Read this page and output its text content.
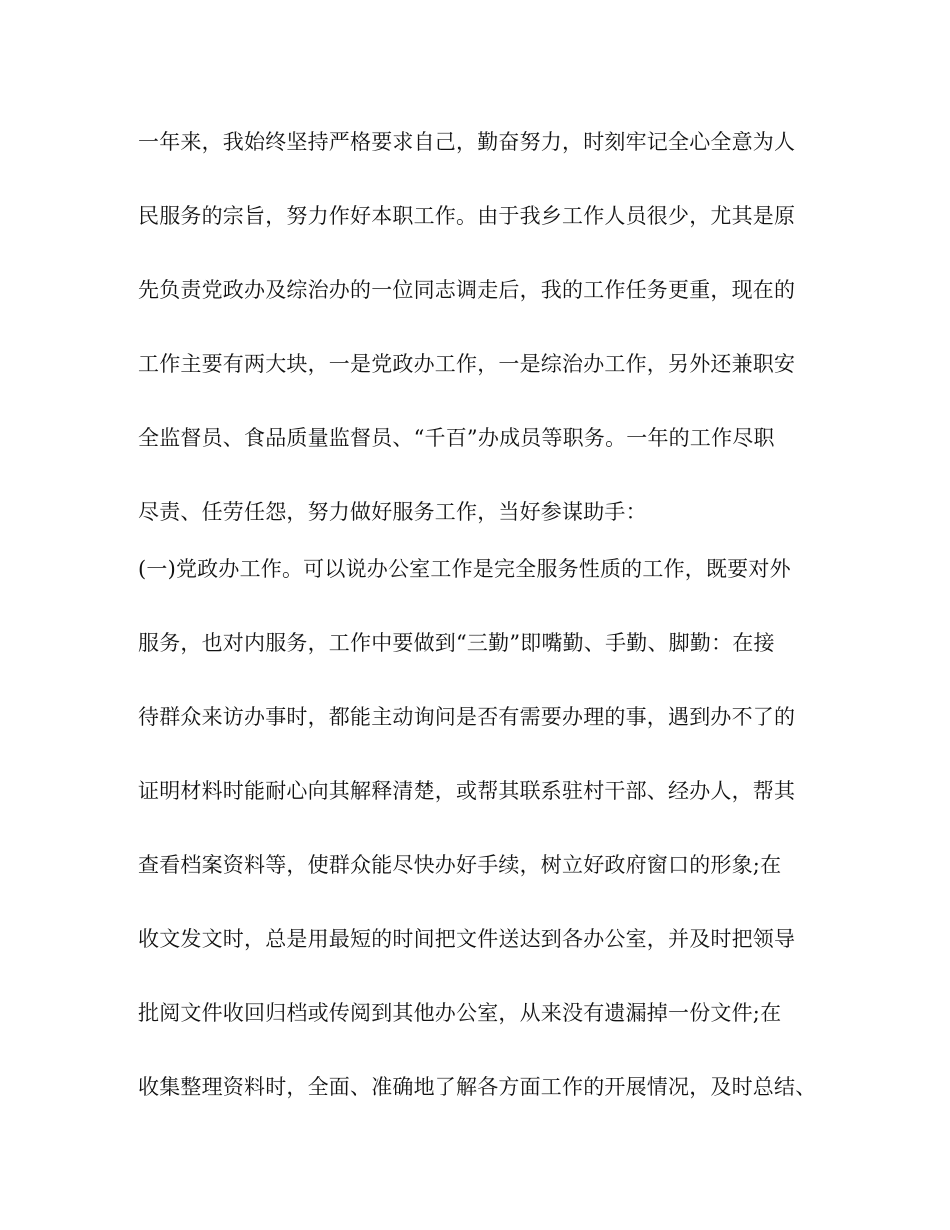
一年来，我始终坚持严格要求自己，勤奋努力，时刻牢记全心全意为人
民服务的宗旨，努力作好本职工作。由于我乡工作人员很少，尤其是原
先负责党政办及综治办的一位同志调走后，我的工作任务更重，现在的
工作主要有两大块，一是党政办工作，一是综治办工作，另外还兼职安
全监督员、食品质量监督员、“千百”办成员等职务。一年的工作尽职
尽责、任劳任怨，努力做好服务工作，当好参谋助手：
(一)党政办工作。可以说办公室工作是完全服务性质的工作，既要对外
服务，也对内服务，工作中要做到“三勤”即嘴勤、手勤、脚勤：在接
待群众来访办事时，都能主动询问是否有需要办理的事，遇到办不了的
证明材料时能耐心向其解释清楚，或帮其联系驻村干部、经办人，帮其
查看档案资料等，使群众能尽快办好手续，树立好政府窗口的形象;在
收文发文时，总是用最短的时间把文件送达到各办公室，并及时把领导
批阅文件收回归档或传阅到其他办公室，从来没有遗漏掉一份文件;在
收集整理资料时，全面、准确地了解各方面工作的开展情况，及时总结、
